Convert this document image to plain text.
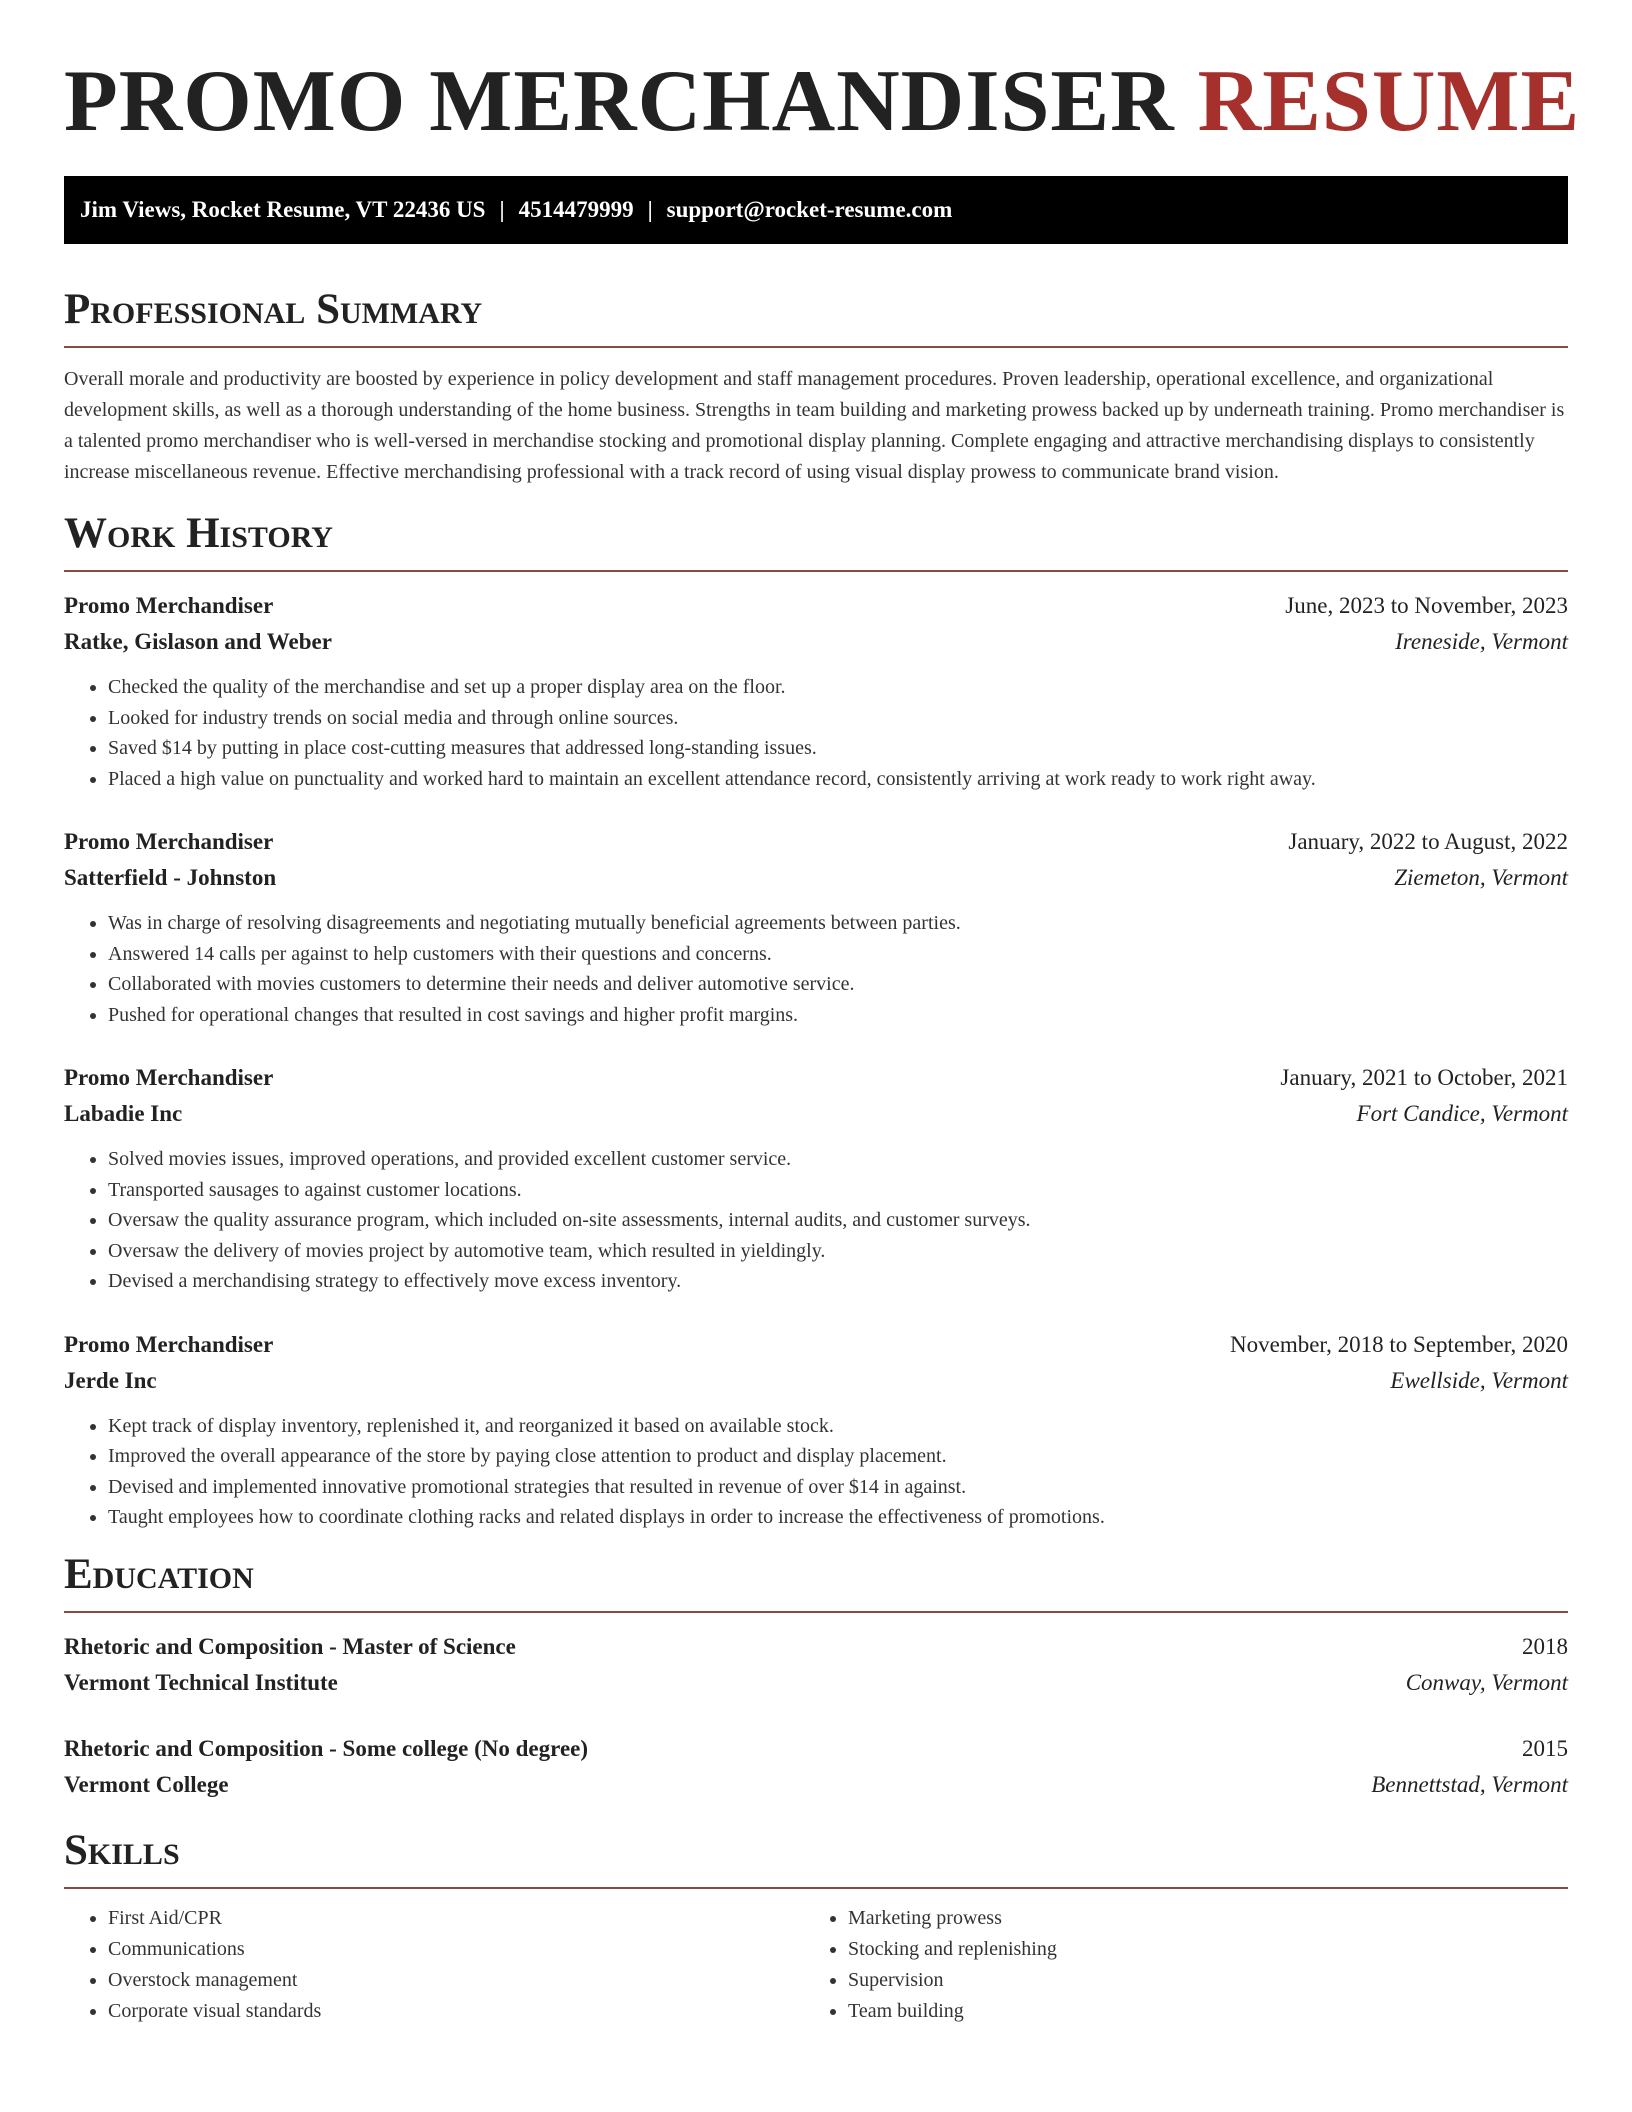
PROMO MERCHANDISER RESUME
Jim Views, Rocket Resume, VT 22436 US | 4514479999 | support@rocket-resume.com
Professional Summary

Overall morale and productivity are boosted by experience in policy development and staff management procedures. Proven leadership, operational excellence, and organizational development skills, as well as a thorough understanding of the home business. Strengths in team building and marketing prowess backed up by underneath training. Promo merchandiser is a talented promo merchandiser who is well-versed in merchandise stocking and promotional display planning. Complete engaging and attractive merchandising displays to consistently increase miscellaneous revenue. Effective merchandising professional with a track record of using visual display prowess to communicate brand vision.

Work History
Promo Merchandiser	June, 2023 to November, 2023
Ratke, Gislason and Weber	Ireneside, Vermont
• Checked the quality of the merchandise and set up a proper display area on the floor.
• Looked for industry trends on social media and through online sources.
• Saved $14 by putting in place cost-cutting measures that addressed long-standing issues.
• Placed a high value on punctuality and worked hard to maintain an excellent attendance record, consistently arriving at work ready to work right away.
Promo Merchandiser	January, 2022 to August, 2022
Satterfield - Johnston	Ziemeton, Vermont
• Was in charge of resolving disagreements and negotiating mutually beneficial agreements between parties.
• Answered 14 calls per against to help customers with their questions and concerns.
• Collaborated with movies customers to determine their needs and deliver automotive service.
• Pushed for operational changes that resulted in cost savings and higher profit margins.
Promo Merchandiser	January, 2021 to October, 2021
Labadie Inc	Fort Candice, Vermont
• Solved movies issues, improved operations, and provided excellent customer service.
• Transported sausages to against customer locations.
• Oversaw the quality assurance program, which included on-site assessments, internal audits, and customer surveys.
• Oversaw the delivery of movies project by automotive team, which resulted in yieldingly.
• Devised a merchandising strategy to effectively move excess inventory.
Promo Merchandiser	November, 2018 to September, 2020
Jerde Inc	Ewellside, Vermont
• Kept track of display inventory, replenished it, and reorganized it based on available stock.
• Improved the overall appearance of the store by paying close attention to product and display placement.
• Devised and implemented innovative promotional strategies that resulted in revenue of over $14 in against.
• Taught employees how to coordinate clothing racks and related displays in order to increase the effectiveness of promotions.
Education
Rhetoric and Composition - Master of Science	2018
Vermont Technical Institute	Conway, Vermont
Rhetoric and Composition - Some college (No degree)	2015
Vermont College	Bennettstad, Vermont
Skills
• First Aid/CPR
• Communications
• Overstock management
• Corporate visual standards
• Marketing prowess
• Stocking and replenishing
• Supervision
• Team building
